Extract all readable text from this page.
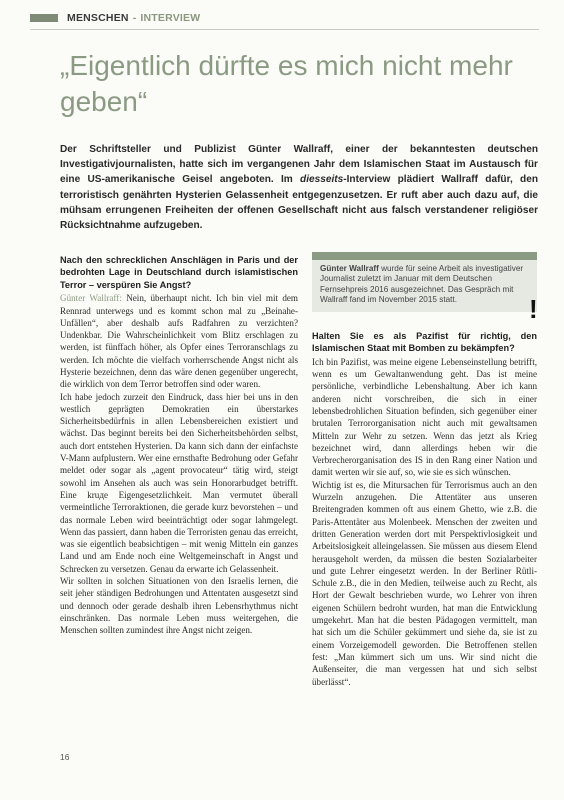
MENSCHEN - INTERVIEW
„Eigentlich dürfte es mich nicht mehr geben“

Der Schriftsteller und Publizist Günter Wallraff, einer der bekanntesten deutschen Investigativjournalisten, hatte sich im vergangenen Jahr dem Islamischen Staat im Austausch für eine US-amerikanische Geisel angeboten. Im diesseits-Interview plädiert Wallraff dafür, den terroristisch genährten Hysterien Gelassenheit entgegenzusetzen. Er ruft aber auch dazu auf, die mühsam errungenen Freiheiten der offenen Gesellschaft nicht aus falsch verstandener religiöser Rücksichtnahme aufzugeben.

Nach den schrecklichen Anschlägen in Paris und der bedrohten Lage in Deutschland durch islamistischen Terror – verspüren Sie Angst?

Günter Wallraff: Nein, überhaupt nicht. Ich bin viel mit dem Rennrad unterwegs und es kommt schon mal zu „Beinahe-Unfällen“, aber deshalb aufs Radfahren zu verzichten? Undenkbar. Die Wahrscheinlichkeit vom Blitz erschlagen zu werden, ist fünffach höher, als Opfer eines Terroranschlags zu werden. Ich möchte die vielfach vorherrschende Angst nicht als Hysterie bezeichnen, denn das wäre denen gegenüber ungerecht, die wirklich von dem Terror betroffen sind oder waren.

Ich habe jedoch zurzeit den Eindruck, dass hier bei uns in den westlich geprägten Demokratien ein überstarkes Sicherheitsbedürfnis in allen Lebensbereichen existiert und wächst. Das beginnt bereits bei den Sicherheitsbehörden selbst, auch dort entstehen Hysterien. Da kann sich dann der einfachste V-Mann aufplustern. Wer eine ernsthafte Bedrohung oder Gefahr meldet oder sogar als „agent provocateur“ tätig wird, steigt sowohl im Ansehen als auch was sein Honorarbudget betrifft. Eine kruде Eigengesetzlichkeit. Man vermutet überall vermeintliche Terroraktionen, die gerade kurz bevorstehen – und das normale Leben wird beeinträchtigt oder sogar lahmgelegt. Wenn das passiert, dann haben die Terroristen genau das erreicht, was sie eigentlich beabsichtigen – mit wenig Mitteln ein ganzes Land und am Ende noch eine Weltgemeinschaft in Angst und Schrecken zu versetzen. Genau da erwarte ich Gelassenheit.

Wir sollten in solchen Situationen von den Israelis lernen, die seit jeher ständigen Bedrohungen und Attentaten ausgesetzt sind und dennoch oder gerade deshalb ihren Lebensrhythmus nicht einschränken. Das normale Leben muss weitergehen, die Menschen sollten zumindest ihre Angst nicht zeigen.

Günter Wallraff wurde für seine Arbeit als investigativer Journalist zuletzt im Januar mit dem Deutschen Fernsehpreis 2016 ausgezeichnet. Das Gespräch mit Wallraff fand im November 2015 statt.	!

Halten Sie es als Pazifist für richtig, den Islamischen Staat mit Bomben zu bekämpfen?

Ich bin Pazifist, was meine eigene Lebenseinstellung betrifft, wenn es um Gewaltanwendung geht. Das ist meine persönliche, verbindliche Lebenshaltung. Aber ich kann anderen nicht vorschreiben, die sich in einer lebensbedrohlichen Situation befinden, sich gegenüber einer brutalen Terrororganisation nicht auch mit gewaltsamen Mitteln zur Wehr zu setzen. Wenn das jetzt als Krieg bezeichnet wird, dann allerdings heben wir die Verbrecherorganisation des IS in den Rang einer Nation und damit werten wir sie auf, so, wie sie es sich wünschen.

Wichtig ist es, die Mitursachen für Terrorismus auch an den Wurzeln anzugehen. Die Attentäter aus unseren Breitengraden kommen oft aus einem Ghetto, wie z.B. die Paris-Attentäter aus Molenbeek. Menschen der zweiten und dritten Generation werden dort mit Perspektivlosigkeit und Arbeitslosigkeit alleingelassen. Sie müssen aus diesem Elend herausgeholt werden, da müssen die besten Sozialarbeiter und gute Lehrer eingesetzt werden. In der Berliner Rütli-Schule z.B., die in den Medien, teilweise auch zu Recht, als Hort der Gewalt beschrieben wurde, wo Lehrer von ihren eigenen Schülern bedroht wurden, hat man die Entwicklung umgekehrt. Man hat die besten Pädagogen vermittelt, man hat sich um die Schüler gekümmert und siehe da, sie ist zu einem Vorzeigemodell geworden. Die Betroffenen stellen fest: „Man kümmert sich um uns. Wir sind nicht die Außenseiter, die man vergessen hat und sich selbst überlässt“.

16
